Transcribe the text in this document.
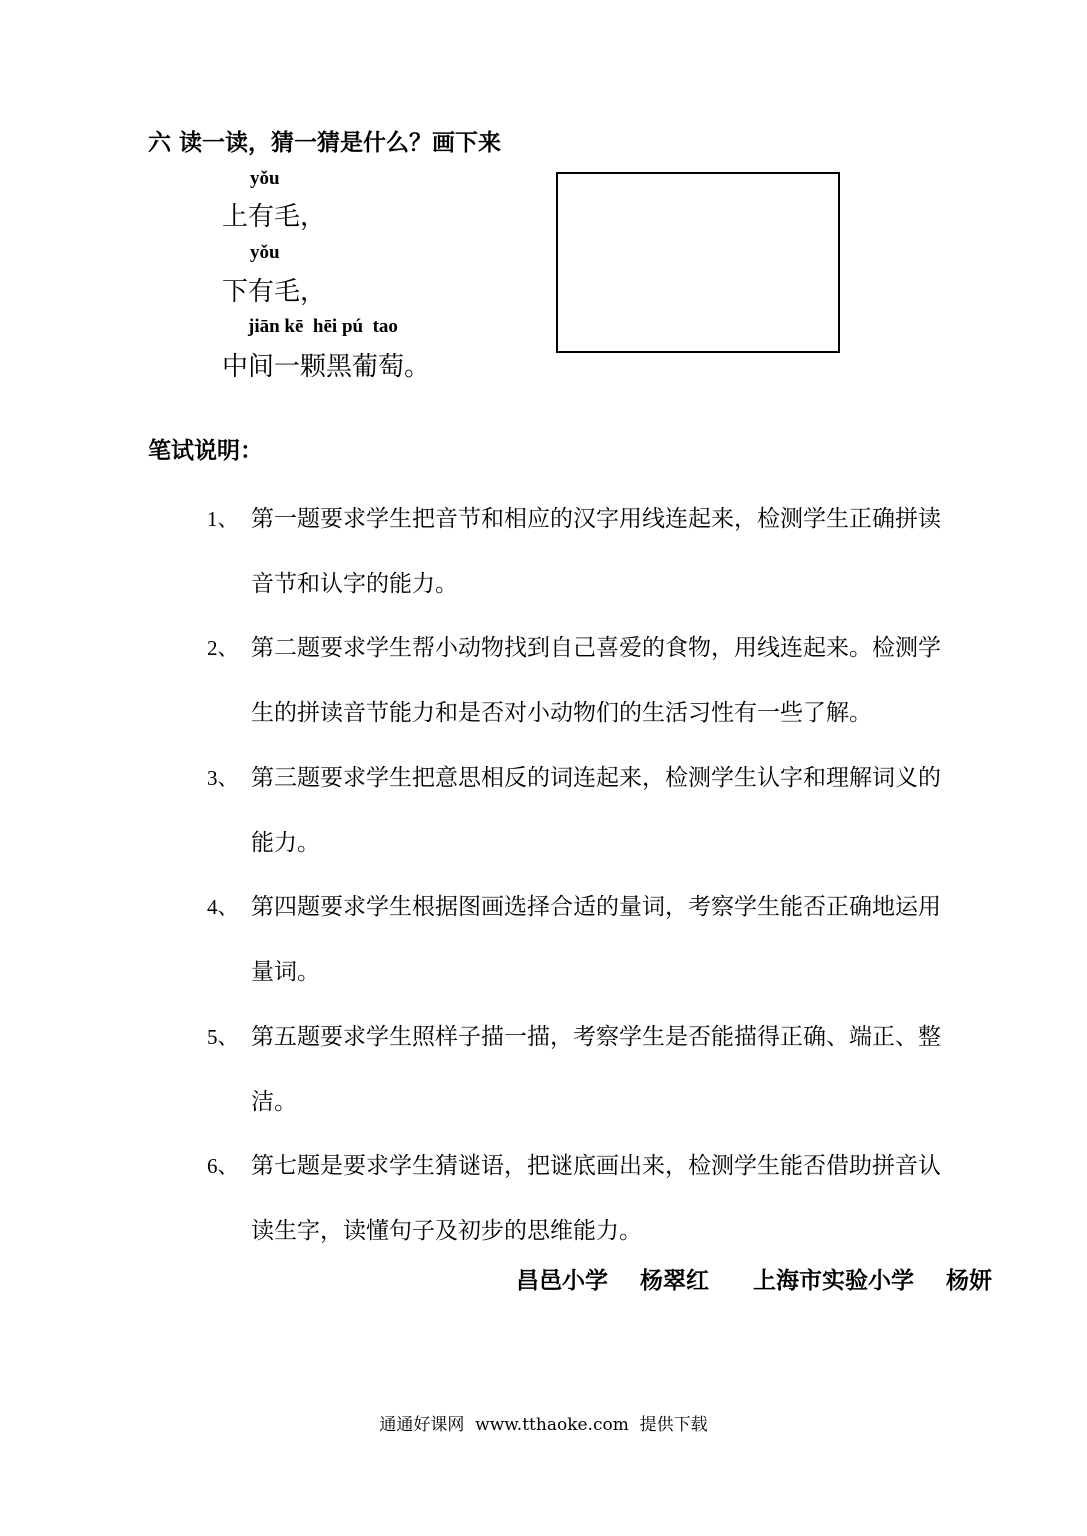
六 读一读，猜一猜是什么？画下来
yǒu
上有毛，
yǒu
下有毛，
jiān kē  hēi pú  tao
中间一颗黑葡萄。
笔试说明：
1、 第一题要求学生把音节和相应的汉字用线连起来，检测学生正确拼读
音节和认字的能力。
2、 第二题要求学生帮小动物找到自己喜爱的食物，用线连起来。检测学
生的拼读音节能力和是否对小动物们的生活习性有一些了解。
3、 第三题要求学生把意思相反的词连起来，检测学生认字和理解词义的
能力。
4、 第四题要求学生根据图画选择合适的量词，考察学生能否正确地运用
量词。
5、 第五题要求学生照样子描一描，考察学生是否能描得正确、端正、整
洁。
6、 第七题是要求学生猜谜语，把谜底画出来，检测学生能否借助拼音认
读生字，读懂句子及初步的思维能力。
昌邑小学 杨翠红 上海市实验小学 杨妍
通通好课网  www.tthaoke.com  提供下载
